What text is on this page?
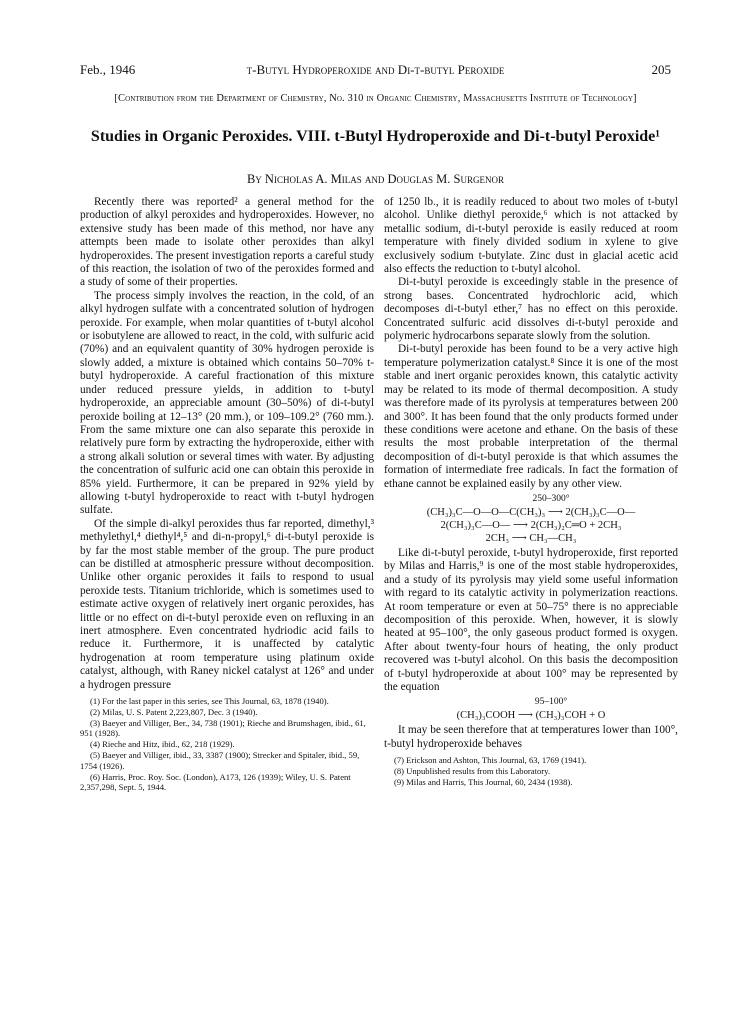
Feb., 1946	t-Butyl Hydroperoxide and Di-t-butyl Peroxide	205
[Contribution from the Department of Chemistry, No. 310 in Organic Chemistry, Massachusetts Institute of Technology]
Studies in Organic Peroxides. VIII. t-Butyl Hydroperoxide and Di-t-butyl Peroxide¹
By Nicholas A. Milas and Douglas M. Surgenor

Recently there was reported² a general method for the production of alkyl peroxides and hydroperoxides. However, no extensive study has been made of this method, nor have any attempts been made to isolate other peroxides than alkyl hydroperoxides. The present investigation reports a careful study of this reaction, the isolation of two of the peroxides formed and a study of some of their properties.

The process simply involves the reaction, in the cold, of an alkyl hydrogen sulfate with a concentrated solution of hydrogen peroxide. For example, when molar quantities of t-butyl alcohol or isobutylene are allowed to react, in the cold, with sulfuric acid (70%) and an equivalent quantity of 30% hydrogen peroxide is slowly added, a mixture is obtained which contains 50–70% t-butyl hydroperoxide. A careful fractionation of this mixture under reduced pressure yields, in addition to t-butyl hydroperoxide, an appreciable amount (30–50%) of di-t-butyl peroxide boiling at 12–13° (20 mm.), or 109–109.2° (760 mm.). From the same mixture one can also separate this peroxide in relatively pure form by extracting the hydroperoxide, either with a strong alkali solution or several times with water. By adjusting the concentration of sulfuric acid one can obtain this peroxide in 85% yield. Furthermore, it can be prepared in 92% yield by allowing t-butyl hydroperoxide to react with t-butyl hydrogen sulfate.

Of the simple di-alkyl peroxides thus far reported, dimethyl,³ methylethyl,⁴ diethyl⁴,⁵ and di-n-propyl,⁶ di-t-butyl peroxide is by far the most stable member of the group. The pure product can be distilled at atmospheric pressure without decomposition. Unlike other organic peroxides it fails to respond to usual peroxide tests. Titanium trichloride, which is sometimes used to estimate active oxygen of relatively inert organic peroxides, has little or no effect on di-t-butyl peroxide even on refluxing in an inert atmosphere. Even concentrated hydriodic acid fails to reduce it. Furthermore, it is unaffected by catalytic hydrogenation at room temperature using platinum oxide catalyst, although, with Raney nickel catalyst at 126° and under a hydrogen pressure

(1) For the last paper in this series, see This Journal, 63, 1878 (1940).
(2) Milas, U. S. Patent 2,223,807, Dec. 3 (1940).
(3) Baeyer and Villiger, Ber., 34, 738 (1901); Rieche and Brumshagen, ibid., 61, 951 (1928).
(4) Rieche and Hitz, ibid., 62, 218 (1929).
(5) Baeyer and Villiger, ibid., 33, 3387 (1900); Strecker and Spitaler, ibid., 59, 1754 (1926).
(6) Harris, Proc. Roy. Soc. (London), A173, 126 (1939); Wiley, U. S. Patent 2,357,298, Sept. 5, 1944.

of 1250 lb., it is readily reduced to about two moles of t-butyl alcohol. Unlike diethyl peroxide,⁶ which is not attacked by metallic sodium, di-t-butyl peroxide is easily reduced at room temperature with finely divided sodium in xylene to give exclusively sodium t-butylate. Zinc dust in glacial acetic acid also effects the reduction to t-butyl alcohol.

Di-t-butyl peroxide is exceedingly stable in the presence of strong bases. Concentrated hydrochloric acid, which decomposes di-t-butyl ether,⁷ has no effect on this peroxide. Concentrated sulfuric acid dissolves di-t-butyl peroxide and polymeric hydrocarbons separate slowly from the solution.

Di-t-butyl peroxide has been found to be a very active high temperature polymerization catalyst.⁸ Since it is one of the most stable and inert organic peroxides known, this catalytic activity may be related to its mode of thermal decomposition. A study was therefore made of its pyrolysis at temperatures between 200 and 300°. It has been found that the only products formed under these conditions were acetone and ethane. On the basis of these results the most probable interpretation of the thermal decomposition of di-t-butyl peroxide is that which assumes the formation of intermediate free radicals. In fact the formation of ethane cannot be explained easily by any other view.

250–300°
(CH₃)₃C—O—O—C(CH₃)₃ ⟶ 2(CH₃)₃C—O—
2(CH₃)₃C—O— ⟶ 2(CH₃)₂C═O + 2CH₃
2CH₃ ⟶ CH₃—CH₃

Like di-t-butyl peroxide, t-butyl hydroperoxide, first reported by Milas and Harris,⁹ is one of the most stable hydroperoxides, and a study of its pyrolysis may yield some useful information with regard to its catalytic activity in polymerization reactions. At room temperature or even at 50–75° there is no appreciable decomposition of this peroxide. When, however, it is slowly heated at 95–100°, the only gaseous product formed is oxygen. After about twenty-four hours of heating, the only product recovered was t-butyl alcohol. On this basis the decomposition of t-butyl hydroperoxide at about 100° may be represented by the equation

95–100°
(CH₃)₃COOH ⟶ (CH₃)₃COH + O

It may be seen therefore that at temperatures lower than 100°, t-butyl hydroperoxide behaves

(7) Erickson and Ashton, This Journal, 63, 1769 (1941).
(8) Unpublished results from this Laboratory.
(9) Milas and Harris, This Journal, 60, 2434 (1938).
